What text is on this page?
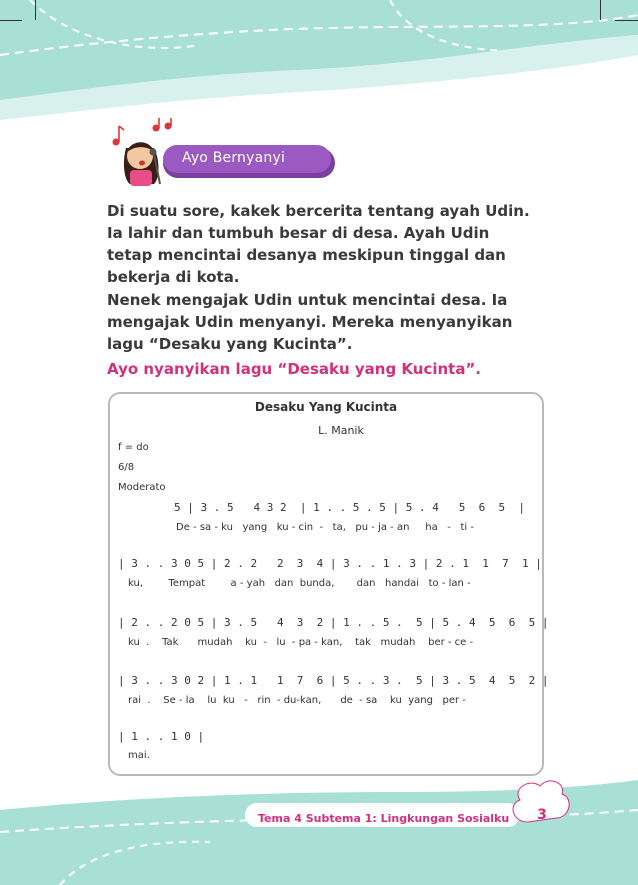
Ayo Bernyanyi

Di suatu sore, kakek bercerita tentang ayah Udin. Ia lahir dan tumbuh besar di desa. Ayah Udin tetap mencintai desanya meskipun tinggal dan bekerja di kota.

Nenek mengajak Udin untuk mencintai desa. Ia mengajak Udin menyanyi. Mereka menyanyikan lagu “Desaku yang Kucinta”.

Ayo nyanyikan lagu “Desaku yang Kucinta”.

Desaku Yang Kucinta
L. Manik
f = do
6/8
Moderato
5 | 3 . 5   4 3 2  | 1 . . 5 . 5 | 5 . 4   5  6  5  |
De - sa - ku   yang   ku - cin  -   ta,   pu - ja - an     ha   -   ti -
| 3 . . 3 0 5 | 2 . 2   2  3  4 | 3 . . 1 . 3 | 2 . 1  1  7  1 |
ku,        Tempat        a - yah   dan  bunda,       dan   handai   to - lan -
| 2 . . 2 0 5 | 3 . 5   4  3  2 | 1 . . 5 .  5 | 5 . 4  5  6  5 |
ku  .    Tak      mudah    ku  -   lu  - pa - kan,    tak   mudah    ber - ce -
| 3 . . 3 0 2 | 1 . 1   1  7  6 | 5 . . 3 .  5 | 3 . 5  4  5  2 |
rai  .    Se - la    lu  ku   -   rin  - du-kan,      de  - sa    ku  yang   per -
| 1 . . 1 0 |
mai.
Tema 4 Subtema 1: Lingkungan Sosialku	3
